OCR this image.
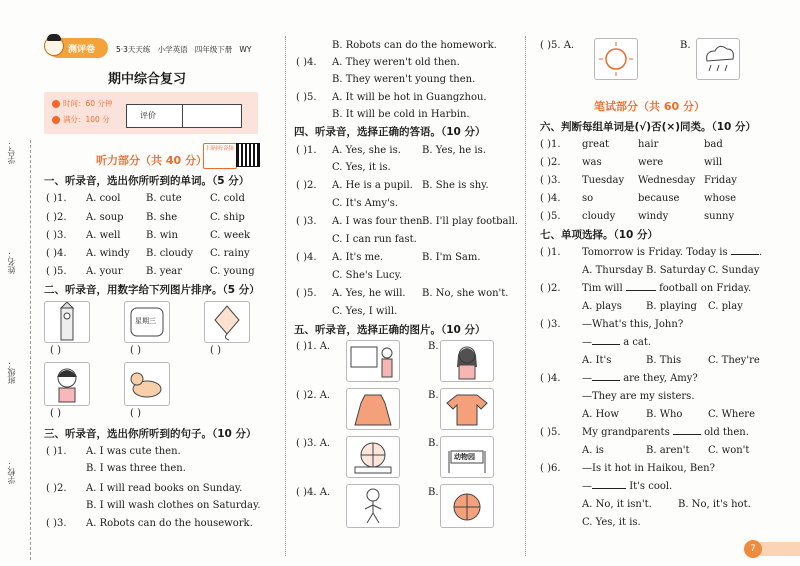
学号：
姓名：
班级：
学校：
测评卷	5·3天天练 小学英语 四年级下册 WY
期中综合复习
时间：60 分钟
满分：100 分	评价
扫码听音频
听力部分（共 40 分）
一、听录音，选出你所听到的单词。（5 分）
( )1. A. cool	B. cute	C. cold
( )2. A. soup B. she	C. ship
( )3. A. well	B. win	C. week
( )4. A. windy B. cloudy C. rainy
( )5. A. your B. year	C. young
二、听录音，用数字给下列图片排序。（5 分）
星期三
( )	( )	( )
( )	( )
三、听录音，选出你所听到的句子。（10 分）
( )1. A. I was cute then.
B. I was three then.
( )2. A. I will read books on Sunday.
B. I will wash clothes on Saturday.
( )3. A. Robots can do the housework.
B. Robots can do the homework.
( )4. A. They weren't old then.
B. They weren't young then.
( )5. A. It will be hot in Guangzhou.
B. It will be cold in Harbin.
四、听录音，选择正确的答语。（10 分）
( )1. A. Yes, she is. B. Yes, he is.
C. Yes, it is.
( )2. A. He is a pupil. B. She is shy.
C. It's Amy's.
( )3. A. I was four then.
B. I'll play football.
C. I can run fast.
( )4. A. It's me.	B. I'm Sam.
C. She's Lucy.
( )5. A. Yes, he will. B. No, she won't.
C. Yes, I will.
五、听录音，选择正确的图片。（10 分）
( )1. A.	B.
( )2. A.	B.
( )3. A.	B.
动物园
( )4. A.	B.
( )5. A.	B.
笔试部分（共 60 分）
六、判断每组单词是(√)否(×)同类。（10 分）
( )1. great	hair	bad
( )2. was	were	will
( )3. Tuesday Wednesday Friday
( )4. so	because whose
( )5. cloudy windy	sunny
七、单项选择。（10 分）
( )1. Tomorrow is Friday. Today is	.
A. Thursday B. Saturday C. Sunday
( )2. Tim will	football on Friday.
A. plays B. playing C. play
( )3. —What's this, John?
—	a cat.
A. It's	B. This	C. They're
( )4. —	are they, Amy?
—They are my sisters.
A. How	B. Who	C. Where
( )5. My grandparents	old then.
A. is	B. aren't C. won't
( )6. —Is it hot in Haikou, Ben?
—	It's cool.
A. No, it isn't.	B. No, it's hot.
C. Yes, it is.
7
